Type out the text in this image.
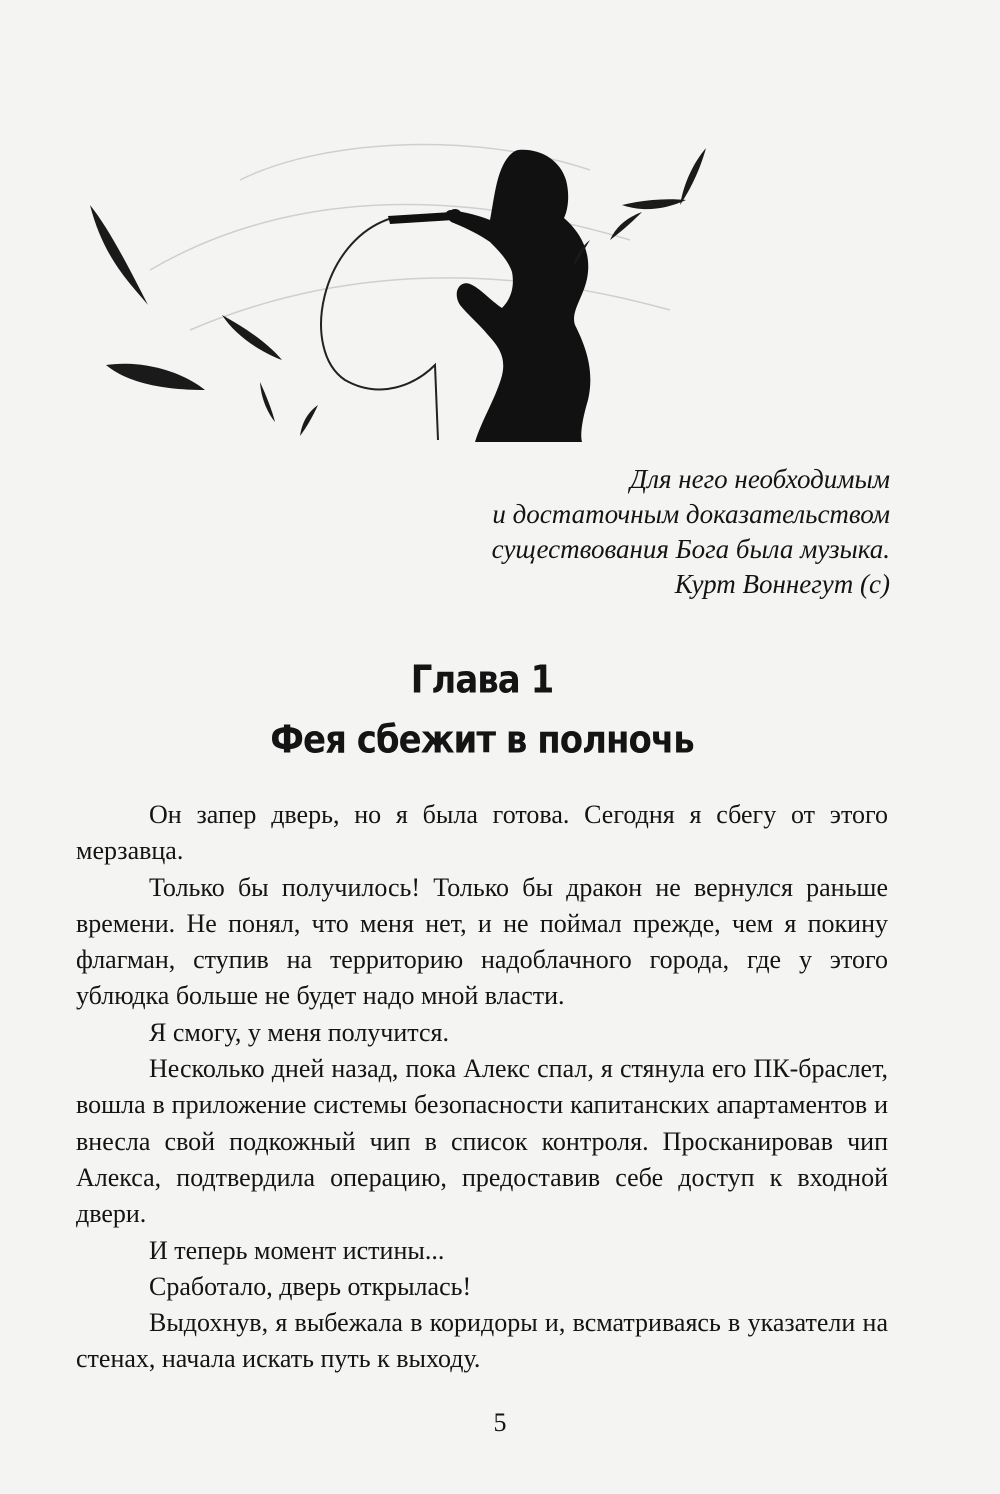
Для него необходимым
и достаточным доказательством
существования Бога была музыка.
Курт Воннегут (с)
Глава 1
Фея сбежит в полночь

Он запер дверь, но я была готова. Сегодня я сбегу от этого мерзавца.

Только бы получилось! Только бы дракон не вернулся раньше времени. Не понял, что меня нет, и не поймал прежде, чем я покину флагман, ступив на территорию надоблачного города, где у этого ублюдка больше не будет надо мной власти.

Я смогу, у меня получится.

Несколько дней назад, пока Алекс спал, я стянула его ПК-браслет, вошла в приложение системы безопасности капитанских апартаментов и внесла свой подкожный чип в список контроля. Просканировав чип Алекса, подтвердила операцию, предоставив себе доступ к входной двери.

И теперь момент истины...

Сработало, дверь открылась!

Выдохнув, я выбежала в коридоры и, всматриваясь в указатели на стенах, начала искать путь к выходу.

5
